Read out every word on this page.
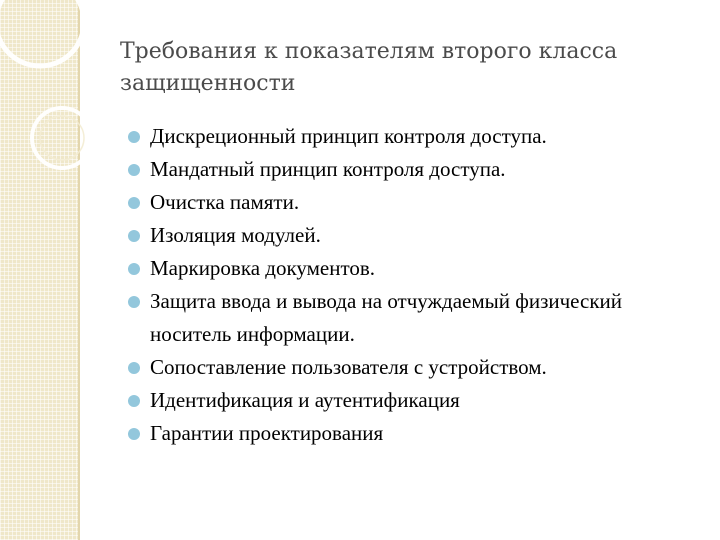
Требования к показателям второго класса
защищенности
Дискреционный принцип контроля доступа.
Мандатный принцип контроля доступа.
Очистка памяти.
Изоляция модулей.
Маркировка документов.
Защита ввода и вывода на отчуждаемый физический носитель информации.
Сопоставление пользователя с устройством.
Идентификация и аутентификация
Гарантии проектирования
